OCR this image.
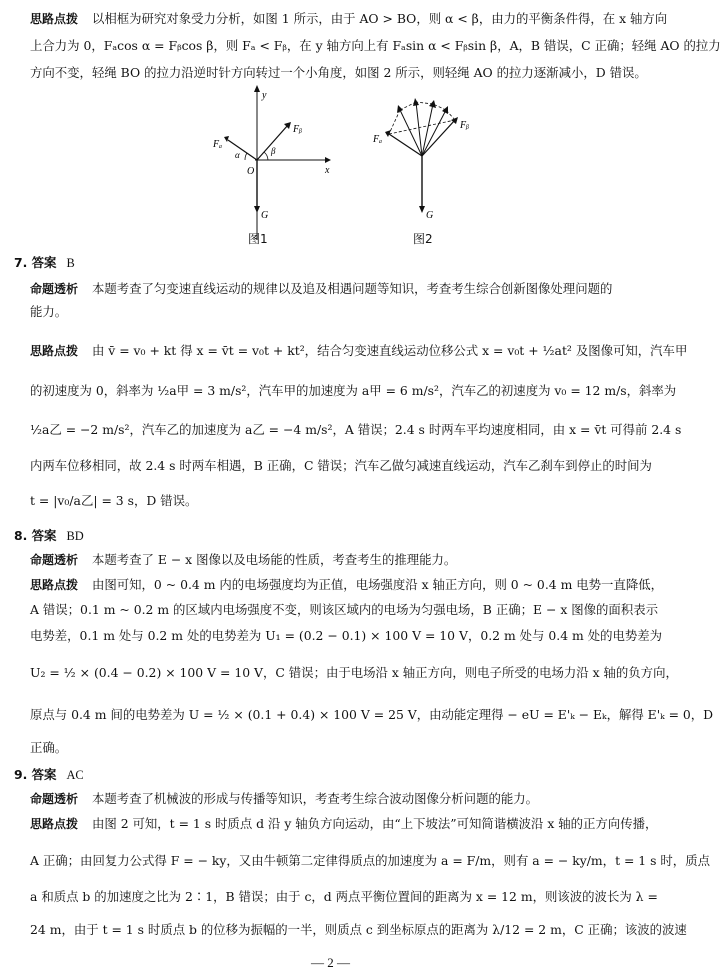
思路点拨 以相框为研究对象受力分析，如图 1 所示，由于 AO > BO，则 α < β，由力的平衡条件得，在 x 轴方向
上合力为 0，Fₐcos α = Fᵦcos β，则 Fₐ < Fᵦ，在 y 轴方向上有 Fₐsin α < Fᵦsin β，A，B 错误，C 正确；轻绳 AO 的拉力
方向不变，轻绳 BO 的拉力沿逆时针方向转过一个小角度，如图 2 所示，则轻绳 AO 的拉力逐渐减小，D 错误。
y
x
O
Fₐ
Fᵦ
G
α	β
Fₐ
Fᵦ
G
图1	图2
7. 答案 B
命题透析 本题考查了匀变速直线运动的规律以及追及相遇问题等知识，考查考生综合创新图像处理问题的
能力。
思路点拨 由 v̄ = v₀ + kt 得 x = v̄t = v₀t + kt²，结合匀变速直线运动位移公式 x = v₀t + ½at² 及图像可知，汽车甲
的初速度为 0，斜率为 ½a甲 = 3 m/s²，汽车甲的加速度为 a甲 = 6 m/s²，汽车乙的初速度为 v₀ = 12 m/s，斜率为
½a乙 = −2 m/s²，汽车乙的加速度为 a乙 = −4 m/s²，A 错误；2.4 s 时两车平均速度相同，由 x = v̄t 可得前 2.4 s
内两车位移相同，故 2.4 s 时两车相遇，B 正确，C 错误；汽车乙做匀减速直线运动，汽车乙刹车到停止的时间为
t = |v₀/a乙| = 3 s，D 错误。
8. 答案 BD
命题透析 本题考查了 E − x 图像以及电场能的性质，考查考生的推理能力。
思路点拨 由图可知，0 ~ 0.4 m 内的电场强度均为正值，电场强度沿 x 轴正方向，则 0 ~ 0.4 m 电势一直降低，
A 错误；0.1 m ~ 0.2 m 的区域内电场强度不变，则该区域内的电场为匀强电场，B 正确；E − x 图像的面积表示
电势差，0.1 m 处与 0.2 m 处的电势差为 U₁ = (0.2 − 0.1) × 100 V = 10 V，0.2 m 处与 0.4 m 处的电势差为
U₂ = ½ × (0.4 − 0.2) × 100 V = 10 V，C 错误；由于电场沿 x 轴正方向，则电子所受的电场力沿 x 轴的负方向，
原点与 0.4 m 间的电势差为 U = ½ × (0.1 + 0.4) × 100 V = 25 V，由动能定理得 − eU = E'ₖ − Eₖ，解得 E'ₖ = 0，D
正确。
9. 答案 AC
命题透析 本题考查了机械波的形成与传播等知识，考查考生综合波动图像分析问题的能力。
思路点拨 由图 2 可知，t = 1 s 时质点 d 沿 y 轴负方向运动，由“上下坡法”可知简谐横波沿 x 轴的正方向传播，
A 正确；由回复力公式得 F = − ky，又由牛顿第二定律得质点的加速度为 a = F/m，则有 a = − ky/m，t = 1 s 时，质点
a 和质点 b 的加速度之比为 2∶1，B 错误；由于 c，d 两点平衡位置间的距离为 x = 12 m，则该波的波长为 λ =
24 m，由于 t = 1 s 时质点 b 的位移为振幅的一半，则质点 c 到坐标原点的距离为 λ/12 = 2 m，C 正确；该波的波速
— 2 —
